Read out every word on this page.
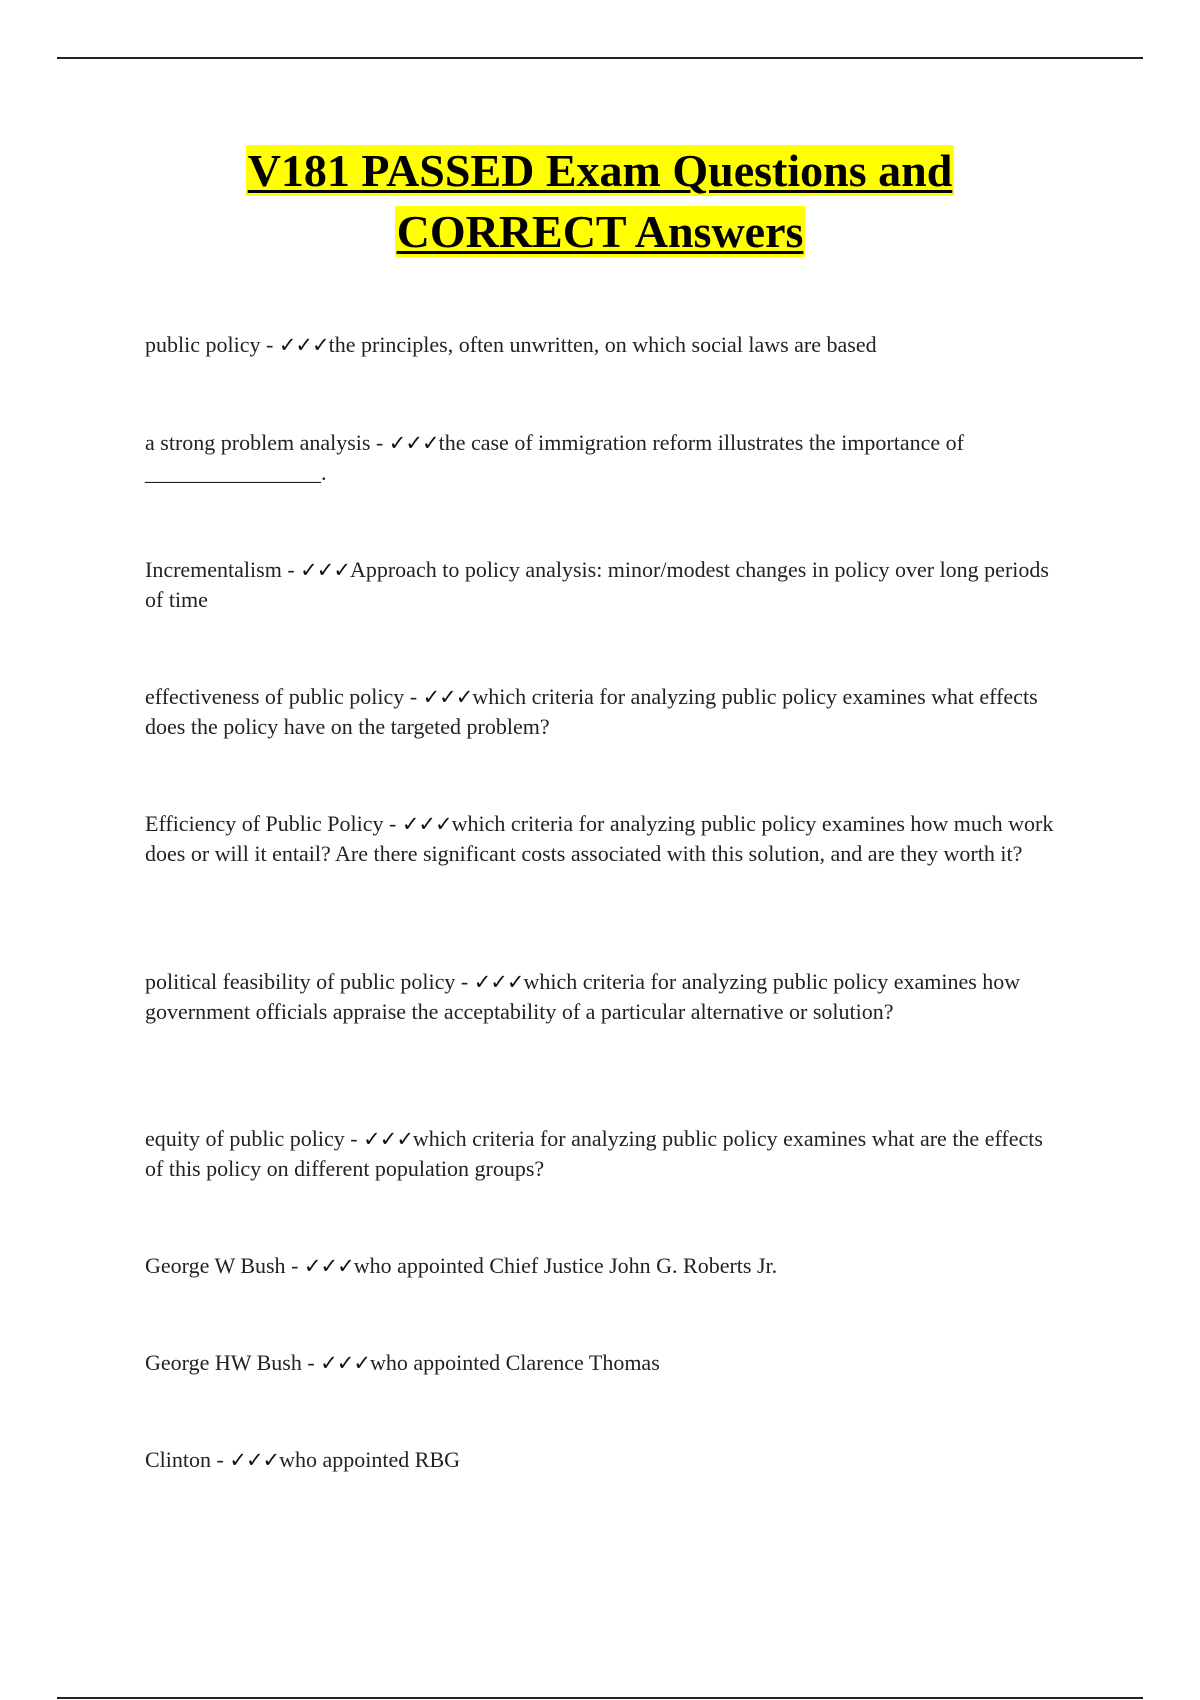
V181 PASSED Exam Questions and
CORRECT Answers

public policy - ✓✓✓the principles, often unwritten, on which social laws are based

a strong problem analysis - ✓✓✓the case of immigration reform illustrates the importance of ________________.

Incrementalism - ✓✓✓Approach to policy analysis: minor/modest changes in policy over long periods of time

effectiveness of public policy - ✓✓✓which criteria for analyzing public policy examines what effects does the policy have on the targeted problem?

Efficiency of Public Policy - ✓✓✓which criteria for analyzing public policy examines how much work does or will it entail? Are there significant costs associated with this solution, and are they worth it?

political feasibility of public policy - ✓✓✓which criteria for analyzing public policy examines how government officials appraise the acceptability of a particular alternative or solution?

equity of public policy - ✓✓✓which criteria for analyzing public policy examines what are the effects of this policy on different population groups?

George W Bush - ✓✓✓who appointed Chief Justice John G. Roberts Jr.

George HW Bush - ✓✓✓who appointed Clarence Thomas

Clinton - ✓✓✓who appointed RBG
